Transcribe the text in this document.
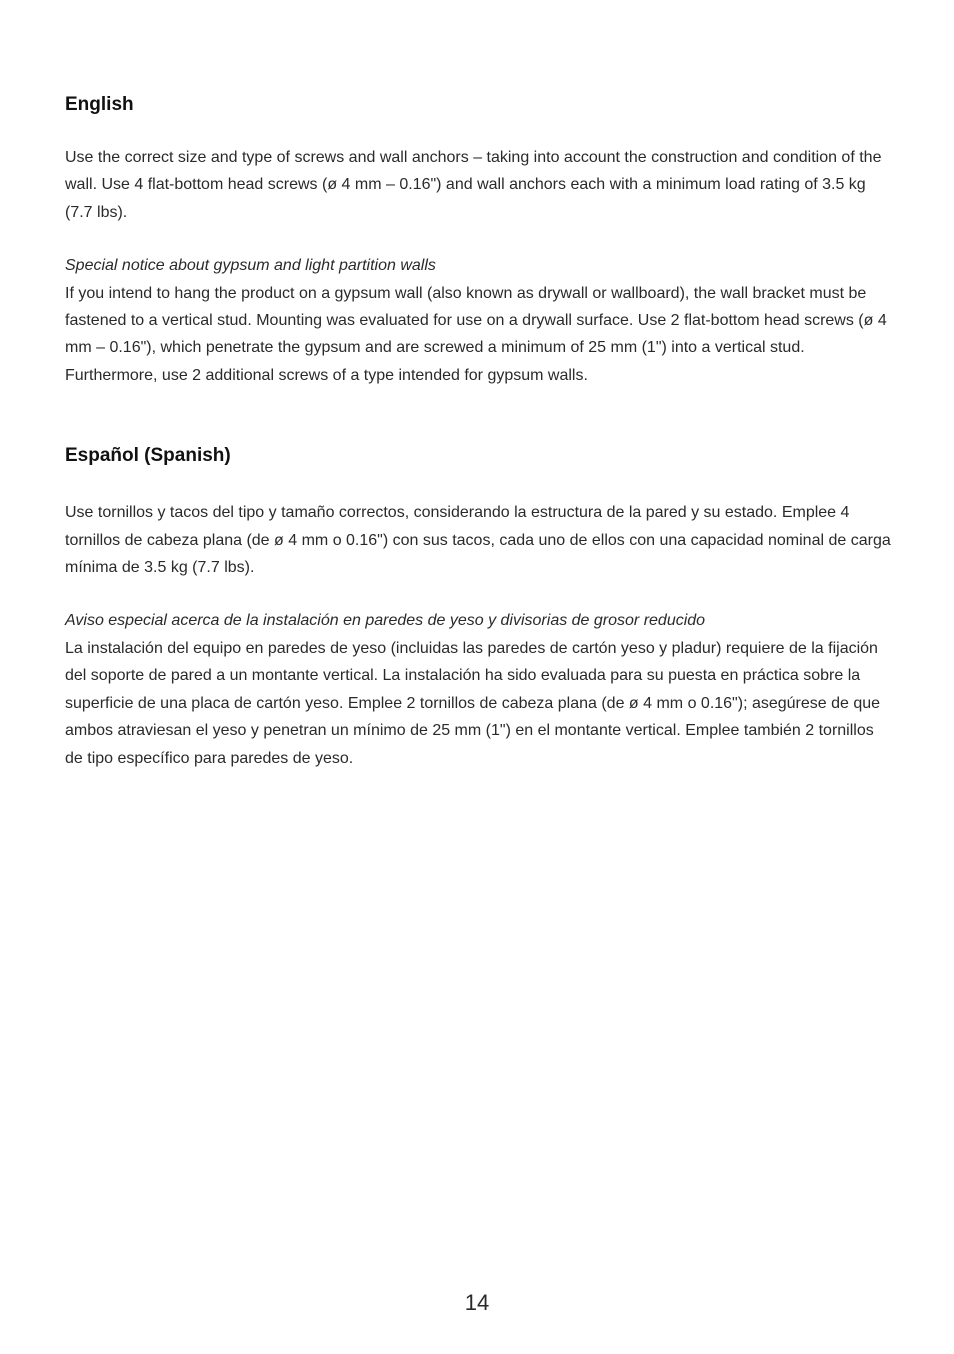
English

Use the correct size and type of screws and wall anchors – taking into account the construction and condition of the wall. Use 4 flat-bottom head screws (ø 4 mm – 0.16") and wall anchors each with a minimum load rating of 3.5 kg (7.7 lbs).

Special notice about gypsum and light partition walls

If you intend to hang the product on a gypsum wall (also known as drywall or wallboard), the wall bracket must be fastened to a vertical stud. Mounting was evaluated for use on a drywall surface. Use 2 flat-bottom head screws (ø 4 mm – 0.16"), which penetrate the gypsum and are screwed a minimum of 25 mm (1") into a vertical stud. Furthermore, use 2 additional screws of a type intended for gypsum walls.

Español (Spanish)

Use tornillos y tacos del tipo y tamaño correctos, considerando la estructura de la pared y su estado. Emplee 4 tornillos de cabeza plana (de ø 4 mm o 0.16") con sus tacos, cada uno de ellos con una capacidad nominal de carga mínima de 3.5 kg (7.7 lbs).

Aviso especial acerca de la instalación en paredes de yeso y divisorias de grosor reducido

La instalación del equipo en paredes de yeso (incluidas las paredes de cartón yeso y pladur) requiere de la fijación del soporte de pared a un montante vertical. La instalación ha sido evaluada para su puesta en práctica sobre la superficie de una placa de cartón yeso. Emplee 2 tornillos de cabeza plana (de ø 4 mm o 0.16"); asegúrese de que ambos atraviesan el yeso y penetran un mínimo de 25 mm (1") en el montante vertical. Emplee también 2 tornillos de tipo específico para paredes de yeso.

14
